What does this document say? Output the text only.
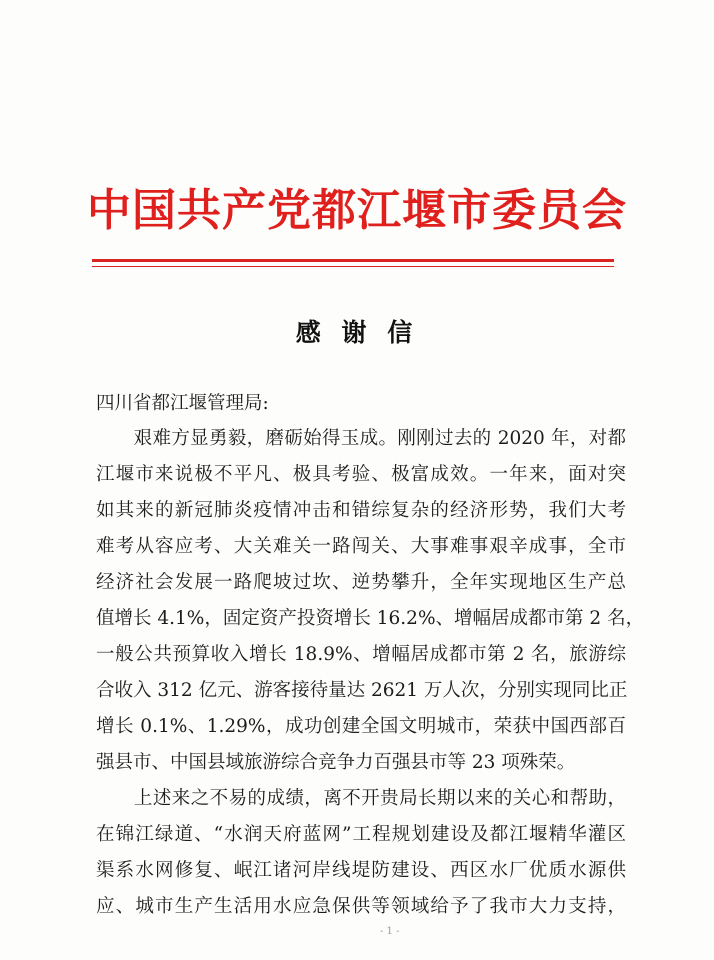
中国共产党都江堰市委员会
感 谢 信
四川省都江堰管理局:
　　艰难方显勇毅，磨砺始得玉成。刚刚过去的 2020 年，对都
江堰市来说极不平凡、极具考验、极富成效。一年来，面对突
如其来的新冠肺炎疫情冲击和错综复杂的经济形势，我们大考
难考从容应考、大关难关一路闯关、大事难事艰辛成事，全市
经济社会发展一路爬坡过坎、逆势攀升，全年实现地区生产总
值增长 4.1%，固定资产投资增长 16.2%、增幅居成都市第 2 名，
一般公共预算收入增长 18.9%、增幅居成都市第 2 名，旅游综
合收入 312 亿元、游客接待量达 2621 万人次，分别实现同比正
增长 0.1%、1.29%，成功创建全国文明城市，荣获中国西部百
强县市、中国县域旅游综合竞争力百强县市等 23 项殊荣。
　　上述来之不易的成绩，离不开贵局长期以来的关心和帮助，
在锦江绿道、“水润天府蓝网”工程规划建设及都江堰精华灌区
渠系水网修复、岷江诸河岸线堤防建设、西区水厂优质水源供
应、城市生产生活用水应急保供等领域给予了我市大力支持，
- 1 -
